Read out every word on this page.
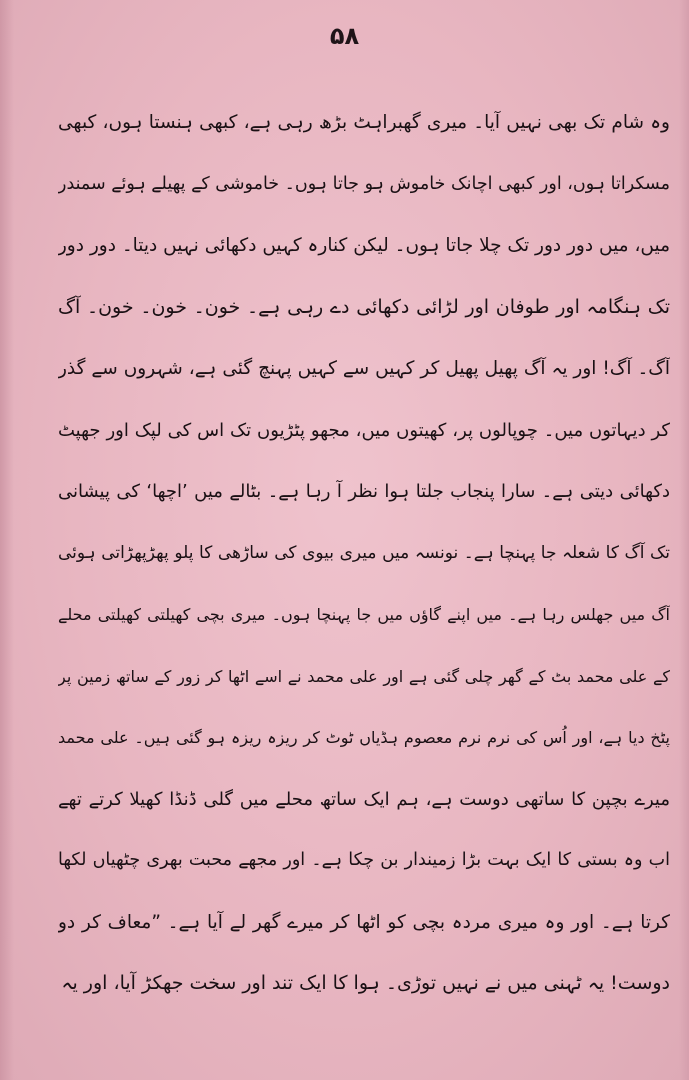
۵۸
وہ شام تک بھی نہیں آیا۔ میری گھبراہٹ بڑھ رہی ہے، کبھی ہنستا ہوں، کبھی
مسکراتا ہوں، اور کبھی اچانک خاموش ہو جاتا ہوں۔ خاموشی کے پھیلے ہوئے سمندر
میں، میں دور دور تک چلا جاتا ہوں۔ لیکن کنارہ کہیں دکھائی نہیں دیتا۔ دور دور
تک ہنگامہ اور طوفان اور لڑائی دکھائی دے رہی ہے۔ خون۔ خون۔ خون۔ آگ
آگ۔ آگ! اور یہ آگ پھیل پھیل کر کہیں سے کہیں پہنچ گئی ہے، شہروں سے گذر
کر دیہاتوں میں۔ چوپالوں پر، کھیتوں میں، مجھو پٹڑیوں تک اس کی لپک اور جھپٹ
دکھائی دیتی ہے۔ سارا پنجاب جلتا ہوا نظر آ رہا ہے۔ بٹالے میں ’اچھا‘ کی پیشانی
تک آگ کا شعلہ جا پہنچا ہے۔ نونسہ میں میری بیوی کی ساڑھی کا پلو پھڑپھڑاتی ہوئی
آگ میں جھلس رہا ہے۔ میں اپنے گاؤں میں جا پہنچا ہوں۔ میری بچی کھیلتی کھیلتی محلے
کے علی محمد بٹ کے گھر چلی گئی ہے اور علی محمد نے اسے اٹھا کر زور کے ساتھ زمین پر
پٹخ دیا ہے، اور اُس کی نرم نرم معصوم ہڈیاں ٹوٹ کر ریزہ ریزہ ہو گئی ہیں۔ علی محمد
میرے بچپن کا ساتھی دوست ہے، ہم ایک ساتھ محلے میں گلی ڈنڈا کھیلا کرتے تھے
اب وہ بستی کا ایک بہت بڑا زمیندار بن چکا ہے۔ اور مجھے محبت بھری چٹھیاں لکھا
کرتا ہے۔ اور وہ میری مردہ بچی کو اٹھا کر میرے گھر لے آیا ہے۔ ”معاف کر دو
دوست! یہ ٹہنی میں نے نہیں توڑی۔ ہوا کا ایک تند اور سخت جھکڑ آیا، اور یہ
